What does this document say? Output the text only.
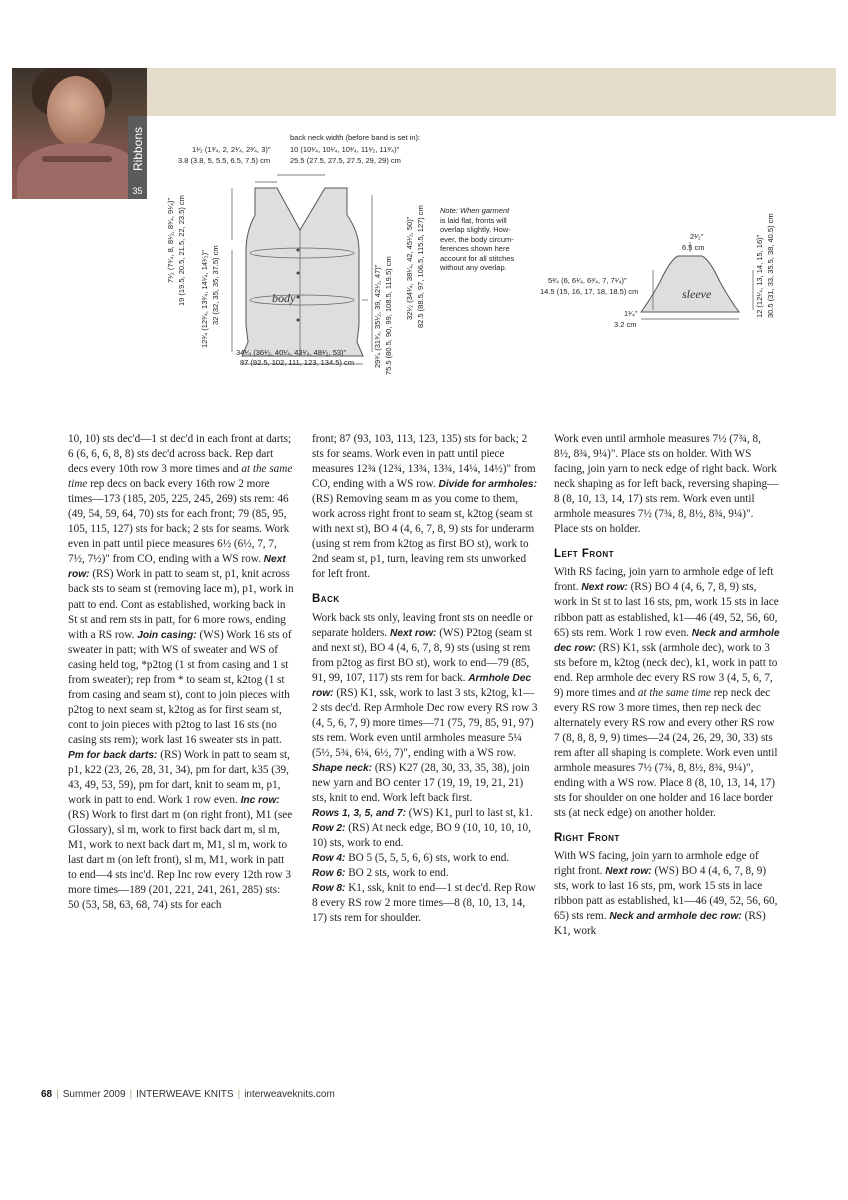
Ribbons
35
back neck width (before band is set in):
10 (10¹⁄₄, 10¹⁄₄, 10³⁄₄, 11¹⁄₂, 11³⁄₄)"
25.5 (27.5, 27.5, 27.5, 29, 29) cm
1¹⁄₂ (1³⁄₄, 2, 2¹⁄₄, 2³⁄₄, 3)"
3.8 (3.8, 5, 5.5, 6.5, 7.5) cm
7¹⁄₂ (7³⁄₄, 8, 8¹⁄₂, 8³⁄₄, 9¹⁄₄)" 19 (19.5, 20.5, 21.5, 22, 23.5) cm 12³⁄₄ (12³⁄₄, 13³⁄₄, 14¹⁄₄, 14¹⁄₂)" 32 (32, 35, 35, 37.5) cm	body
34¹⁄₄ (36¹⁄₂, 40¹⁄₄, 43¹⁄₄, 48¹⁄₂, 53)"
87 (92.5, 102, 111, 123, 134.5) cm
32¹⁄₂ (34³⁄₄, 38¹⁄₄, 42, 45¹⁄₂, 50)" 82.5 (88.5, 97, 106.5, 115.5, 127) cm
29³⁄₄ (31³⁄₄, 35¹⁄₂, 39, 42¹⁄₂, 47)" 75.5 (80.5, 90, 99, 108.5, 119.5) cm
Note: When garment
is laid flat, fronts will
overlap slightly. How-
ever, the body circum-
ferences shown here
account for all stitches
without any overlap.
2¹⁄₂"
6.5 cm
5³⁄₄ (6, 6¹⁄₄, 6³⁄₄, 7, 7¹⁄₄)"
14.5 (15, 16, 17, 18, 18.5) cm	sleeve
1¹⁄₄"
3.2 cm
12 (12¹⁄₄, 13, 14, 15, 16)" 30.5 (31, 33, 35.5, 38, 40.5) cm

10, 10) sts dec'd—1 st dec'd in each front at darts; 6 (6, 6, 6, 8, 8) sts dec'd across back. Rep dart decs every 10th row 3 more times and at the same time rep decs on back every 16th row 2 more times—173 (185, 205, 225, 245, 269) sts rem: 46 (49, 54, 59, 64, 70) sts for each front; 79 (85, 95, 105, 115, 127) sts for back; 2 sts for seams. Work even in patt until piece measures 6½ (6½, 7, 7, 7½, 7½)" from CO, ending with a WS row. Next row: (RS) Work in patt to seam st, p1, knit across back sts to seam st (removing lace m), p1, work in patt to end. Cont as established, working back in St st and rem sts in patt, for 6 more rows, ending with a RS row. Join casing: (WS) Work 16 sts of sweater in patt; with WS of sweater and WS of casing held tog, *p2tog (1 st from casing and 1 st from sweater); rep from * to seam st, k2tog (1 st from casing and seam st), cont to join pieces with p2tog to next seam st, k2tog as for first seam st, cont to join pieces with p2tog to last 16 sts (no casing sts rem); work last 16 sweater sts in patt. Pm for back darts: (RS) Work in patt to seam st, p1, k22 (23, 26, 28, 31, 34), pm for dart, k35 (39, 43, 49, 53, 59), pm for dart, knit to seam m, p1, work in patt to end. Work 1 row even. Inc row: (RS) Work to first dart m (on right front), M1 (see Glossary), sl m, work to first back dart m, sl m, M1, work to next back dart m, M1, sl m, work to last dart m (on left front), sl m, M1, work in patt to end—4 sts inc'd. Rep Inc row every 12th row 3 more times—189 (201, 221, 241, 261, 285) sts: 50 (53, 58, 63, 68, 74) sts for each

front; 87 (93, 103, 113, 123, 135) sts for back; 2 sts for seams. Work even in patt until piece measures 12¾ (12¾, 13¾, 13¾, 14¼, 14½)" from CO, ending with a WS row. Divide for armholes: (RS) Removing seam m as you come to them, work across right front to seam st, k2tog (seam st with next st), BO 4 (4, 6, 7, 8, 9) sts for underarm (using st rem from k2tog as first BO st), work to 2nd seam st, p1, turn, leaving rem sts unworked for left front.

Back

Work back sts only, leaving front sts on needle or separate holders. Next row: (WS) P2tog (seam st and next st), BO 4 (4, 6, 7, 8, 9) sts (using st rem from p2tog as first BO st), work to end—79 (85, 91, 99, 107, 117) sts rem for back. Armhole Dec row: (RS) K1, ssk, work to last 3 sts, k2tog, k1—2 sts dec'd. Rep Armhole Dec row every RS row 3 (4, 5, 6, 7, 9) more times—71 (75, 79, 85, 91, 97) sts rem. Work even until armholes measure 5¼ (5½, 5¾, 6¼, 6½, 7)", ending with a WS row. Shape neck: (RS) K27 (28, 30, 33, 35, 38), join new yarn and BO center 17 (19, 19, 19, 21, 21) sts, knit to end. Work left back first.

Rows 1, 3, 5, and 7: (WS) K1, purl to last st, k1.

Row 2: (RS) At neck edge, BO 9 (10, 10, 10, 10, 10) sts, work to end.

Row 4: BO 5 (5, 5, 5, 6, 6) sts, work to end.

Row 6: BO 2 sts, work to end.

Row 8: K1, ssk, knit to end—1 st dec'd. Rep Row 8 every RS row 2 more times—8 (8, 10, 13, 14, 17) sts rem for shoulder.

Work even until armhole measures 7½ (7¾, 8, 8½, 8¾, 9¼)". Place sts on holder. With WS facing, join yarn to neck edge of right back. Work neck shaping as for left back, reversing shaping—8 (8, 10, 13, 14, 17) sts rem. Work even until armhole measures 7½ (7¾, 8, 8½, 8¾, 9¼)". Place sts on holder.

Left Front

With RS facing, join yarn to armhole edge of left front. Next row: (RS) BO 4 (4, 6, 7, 8, 9) sts, work in St st to last 16 sts, pm, work 15 sts in lace ribbon patt as established, k1—46 (49, 52, 56, 60, 65) sts rem. Work 1 row even. Neck and armhole dec row: (RS) K1, ssk (armhole dec), work to 3 sts before m, k2tog (neck dec), k1, work in patt to end. Rep armhole dec every RS row 3 (4, 5, 6, 7, 9) more times and at the same time rep neck dec every RS row 3 more times, then rep neck dec alternately every RS row and every other RS row 7 (8, 8, 8, 9, 9) times—24 (24, 26, 29, 30, 33) sts rem after all shaping is complete. Work even until armhole measures 7½ (7¾, 8, 8½, 8¾, 9¼)", ending with a WS row. Place 8 (8, 10, 13, 14, 17) sts for shoulder on one holder and 16 lace border sts (at neck edge) on another holder.

Right Front

With WS facing, join yarn to armhole edge of right front. Next row: (WS) BO 4 (4, 6, 7, 8, 9) sts, work to last 16 sts, pm, work 15 sts in lace ribbon patt as established, k1—46 (49, 52, 56, 60, 65) sts rem. Neck and armhole dec row: (RS) K1, work

68 | Summer 2009 | INTERWEAVE KNITS | interweaveknits.com
